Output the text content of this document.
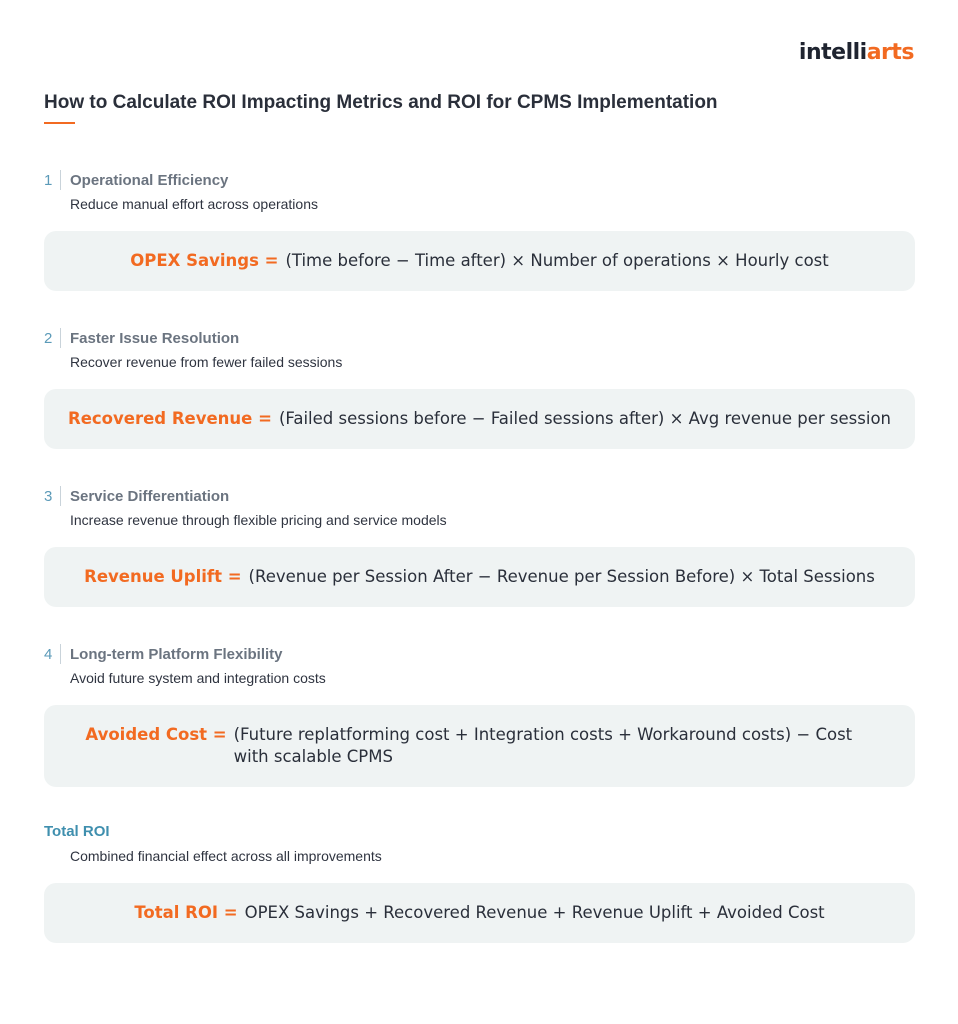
intelliarts
How to Calculate ROI Impacting Metrics and ROI for CPMS Implementation
1	Operational Efficiency
Reduce manual effort across operations
OPEX Savings = (Time before − Time after) × Number of operations × Hourly cost
2	Faster Issue Resolution
Recover revenue from fewer failed sessions
Recovered Revenue = (Failed sessions before − Failed sessions after) × Avg revenue per session
3	Service Differentiation
Increase revenue through flexible pricing and service models
Revenue Uplift = (Revenue per Session After − Revenue per Session Before) × Total Sessions
4	Long-term Platform Flexibility
Avoid future system and integration costs
Avoided Cost = (Future replatforming cost + Integration costs + Workaround costs) − Cost with scalable CPMS
Total ROI
Combined financial effect across all improvements
Total ROI = OPEX Savings + Recovered Revenue + Revenue Uplift + Avoided Cost
